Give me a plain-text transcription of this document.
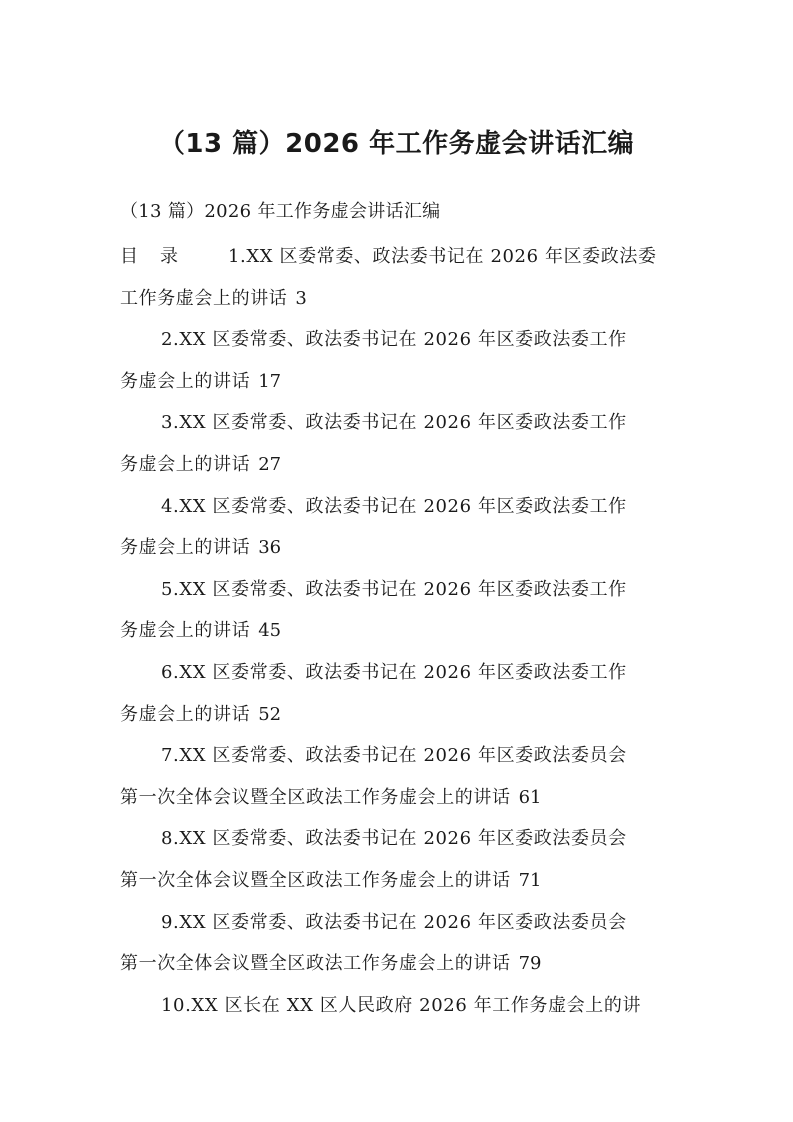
（13 篇）2026 年工作务虚会讲话汇编

（13 篇）2026 年工作务虚会讲话汇编

目 录	1.XX 区委常委、政法委书记在 2026 年区委政法委
工作务虚会上的讲话 3
2.XX 区委常委、政法委书记在 2026 年区委政法委工作
务虚会上的讲话 17
3.XX 区委常委、政法委书记在 2026 年区委政法委工作
务虚会上的讲话 27
4.XX 区委常委、政法委书记在 2026 年区委政法委工作
务虚会上的讲话 36
5.XX 区委常委、政法委书记在 2026 年区委政法委工作
务虚会上的讲话 45
6.XX 区委常委、政法委书记在 2026 年区委政法委工作
务虚会上的讲话 52
7.XX 区委常委、政法委书记在 2026 年区委政法委员会
第一次全体会议暨全区政法工作务虚会上的讲话 61
8.XX 区委常委、政法委书记在 2026 年区委政法委员会
第一次全体会议暨全区政法工作务虚会上的讲话 71
9.XX 区委常委、政法委书记在 2026 年区委政法委员会
第一次全体会议暨全区政法工作务虚会上的讲话 79
10.XX 区长在 XX 区人民政府 2026 年工作务虚会上的讲
